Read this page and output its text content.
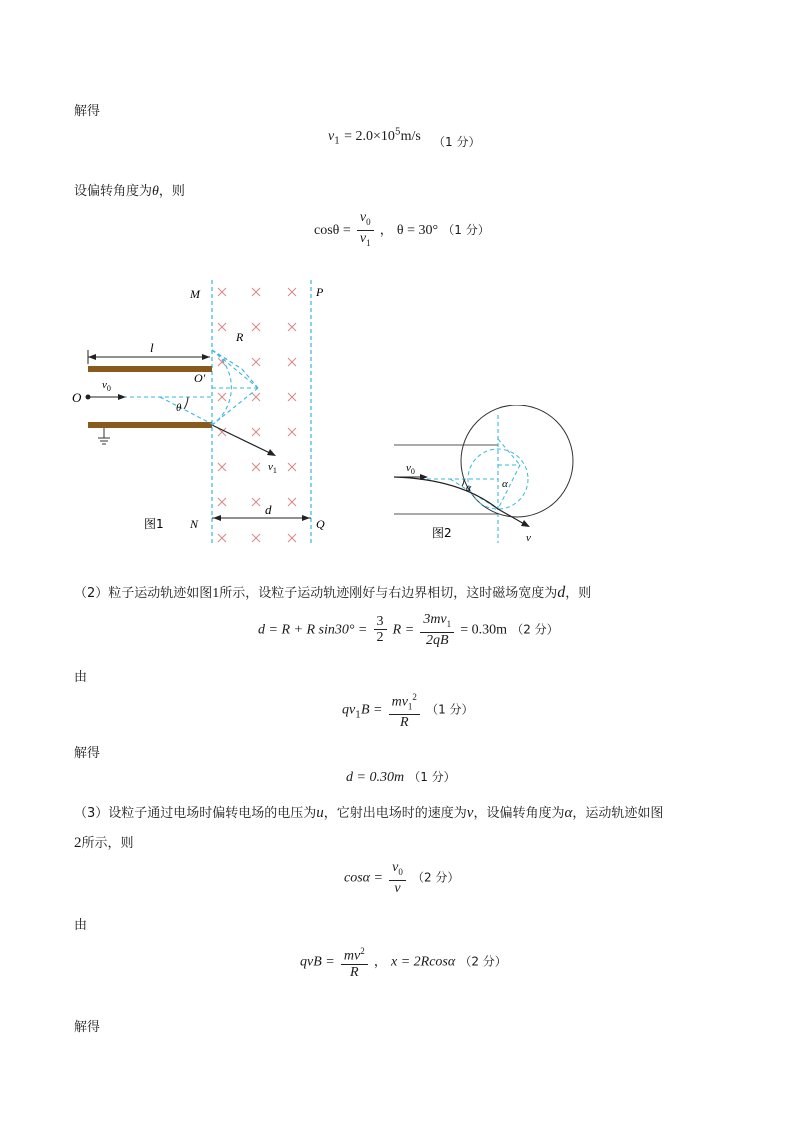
解得
$v_1 = 2.0\times 10^5m/s$ （1 分）
设偏转角度为θ，则
$\cos\theta = \frac{v_0}{v_1}$ ， θ = 30° （1 分）
M
N
P
Q
O
O′
l
R
d
θ
$v_0$
$v_1$
图1
$v_0$
α	α
v
图2
（2）粒子运动轨迹如图1所示，设粒子运动轨迹刚好与右边界相切，这时磁场宽度为d，则
d = R + R $\sin 30^\circ = \frac{3}{2}$ $R = \frac{3mv_1}{2qB} = 0.30m$ （2 分）
由
$qv_1B = \frac{mv_1^2}{R} (1$ 分）
解得
d = 0.30m （1 分）
（3）设粒子通过电场时偏转电场的电压为u，它射出电场时的速度为v，设偏转角度为α，运动轨迹如图
2所示，则
$\cos\alpha = \frac{v_0}{v} (2$ 分）
由
qvB = $\frac{mv^2}{R}$ ， x = 2Rcosα （2 分）
解得
